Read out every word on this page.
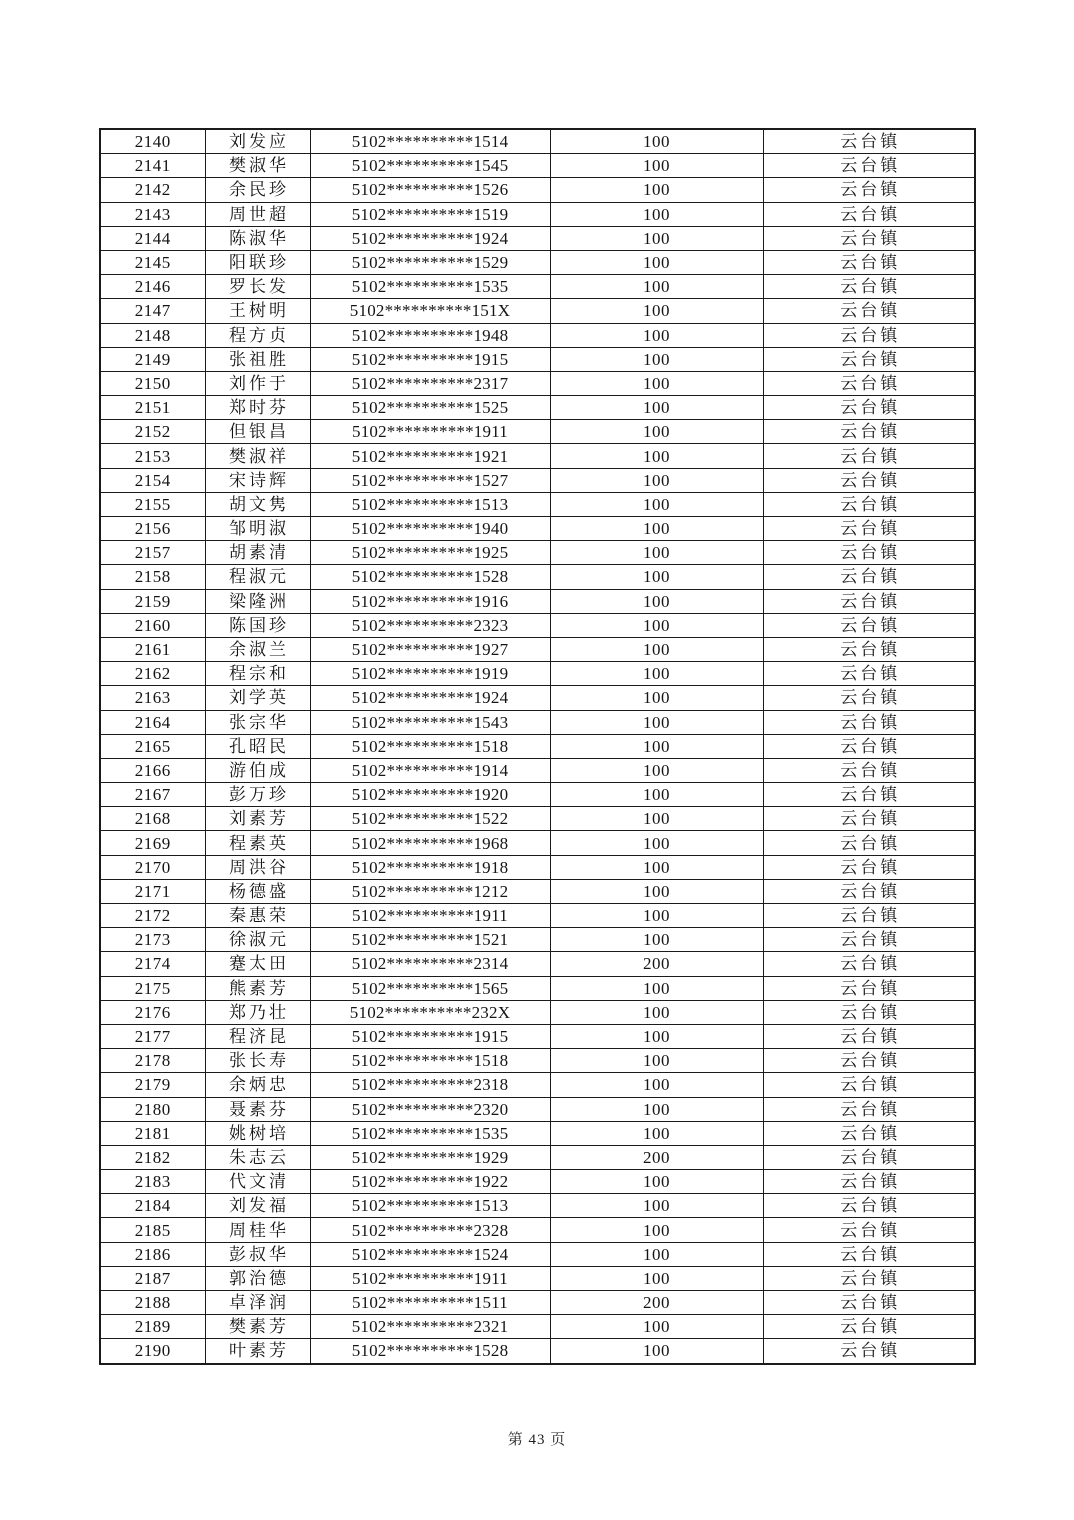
2140	刘发应	5102**********1514	100	云台镇
2141	樊淑华	5102**********1545	100	云台镇
2142	余民珍	5102**********1526	100	云台镇
2143	周世超	5102**********1519	100	云台镇
2144	陈淑华	5102**********1924	100	云台镇
2145	阳联珍	5102**********1529	100	云台镇
2146	罗长发	5102**********1535	100	云台镇
2147	王树明	5102**********151X	100	云台镇
2148	程方贞	5102**********1948	100	云台镇
2149	张祖胜	5102**********1915	100	云台镇
2150	刘作于	5102**********2317	100	云台镇
2151	郑时芬	5102**********1525	100	云台镇
2152	但银昌	5102**********1911	100	云台镇
2153	樊淑祥	5102**********1921	100	云台镇
2154	宋诗辉	5102**********1527	100	云台镇
2155	胡文隽	5102**********1513	100	云台镇
2156	邹明淑	5102**********1940	100	云台镇
2157	胡素清	5102**********1925	100	云台镇
2158	程淑元	5102**********1528	100	云台镇
2159	梁隆洲	5102**********1916	100	云台镇
2160	陈国珍	5102**********2323	100	云台镇
2161	余淑兰	5102**********1927	100	云台镇
2162	程宗和	5102**********1919	100	云台镇
2163	刘学英	5102**********1924	100	云台镇
2164	张宗华	5102**********1543	100	云台镇
2165	孔昭民	5102**********1518	100	云台镇
2166	游伯成	5102**********1914	100	云台镇
2167	彭万珍	5102**********1920	100	云台镇
2168	刘素芳	5102**********1522	100	云台镇
2169	程素英	5102**********1968	100	云台镇
2170	周洪谷	5102**********1918	100	云台镇
2171	杨德盛	5102**********1212	100	云台镇
2172	秦惠荣	5102**********1911	100	云台镇
2173	徐淑元	5102**********1521	100	云台镇
2174	蹇太田	5102**********2314	200	云台镇
2175	熊素芳	5102**********1565	100	云台镇
2176	郑乃壮	5102**********232X	100	云台镇
2177	程济昆	5102**********1915	100	云台镇
2178	张长寿	5102**********1518	100	云台镇
2179	余炳忠	5102**********2318	100	云台镇
2180	聂素芬	5102**********2320	100	云台镇
2181	姚树培	5102**********1535	100	云台镇
2182	朱志云	5102**********1929	200	云台镇
2183	代文清	5102**********1922	100	云台镇
2184	刘发福	5102**********1513	100	云台镇
2185	周桂华	5102**********2328	100	云台镇
2186	彭叔华	5102**********1524	100	云台镇
2187	郭治德	5102**********1911	100	云台镇
2188	卓泽润	5102**********1511	200	云台镇
2189	樊素芳	5102**********2321	100	云台镇
2190	叶素芳	5102**********1528	100	云台镇
第 43 页
